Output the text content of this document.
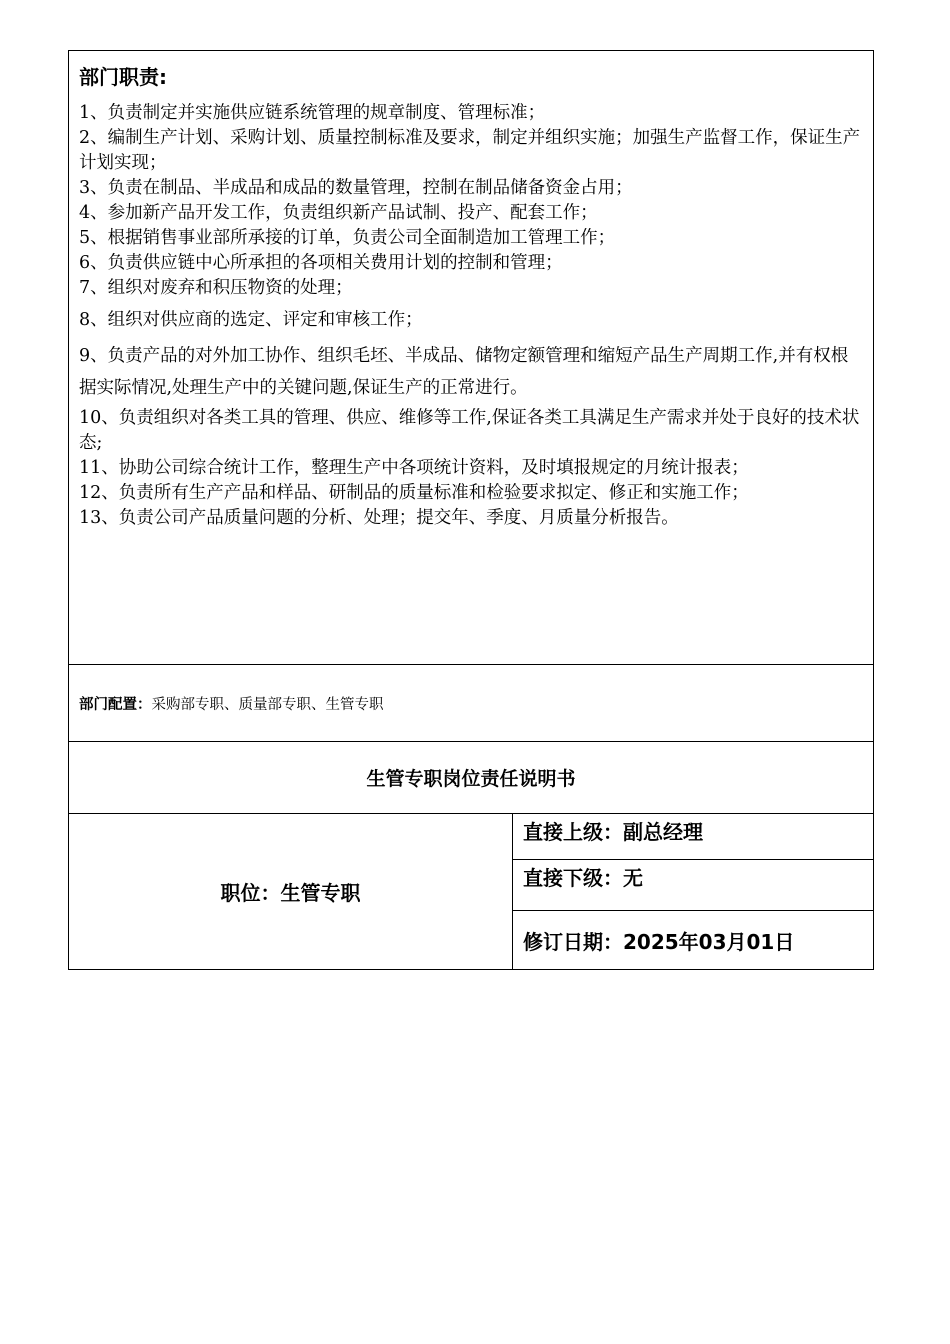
部门职责:
1、负责制定并实施供应链系统管理的规章制度、管理标准；
2、编制生产计划、采购计划、质量控制标准及要求，制定并组织实施；加强生产监督工作，保证生产计划实现；
3、负责在制品、半成品和成品的数量管理，控制在制品储备资金占用；
4、参加新产品开发工作，负责组织新产品试制、投产、配套工作；
5、根据销售事业部所承接的订单，负责公司全面制造加工管理工作；
6、负责供应链中心所承担的各项相关费用计划的控制和管理；
7、组织对废弃和积压物资的处理；
8、组织对供应商的选定、评定和审核工作；
9、负责产品的对外加工协作、组织毛坯、半成品、储物定额管理和缩短产品生产周期工作,并有权根据实际情况,处理生产中的关键问题,保证生产的正常进行。
10、负责组织对各类工具的管理、供应、维修等工作,保证各类工具满足生产需求并处于良好的技术状态;
11、协助公司综合统计工作，整理生产中各项统计资料，及时填报规定的月统计报表；
12、负责所有生产产品和样品、研制品的质量标准和检验要求拟定、修正和实施工作；
13、负责公司产品质量问题的分析、处理；提交年、季度、月质量分析报告。

部门配置：采购部专职、质量部专职、生管专职
生管专职岗位责任说明书
职位：生管专职	直接上级：副总经理
直接下级：无
修订日期：2025年03月01日
